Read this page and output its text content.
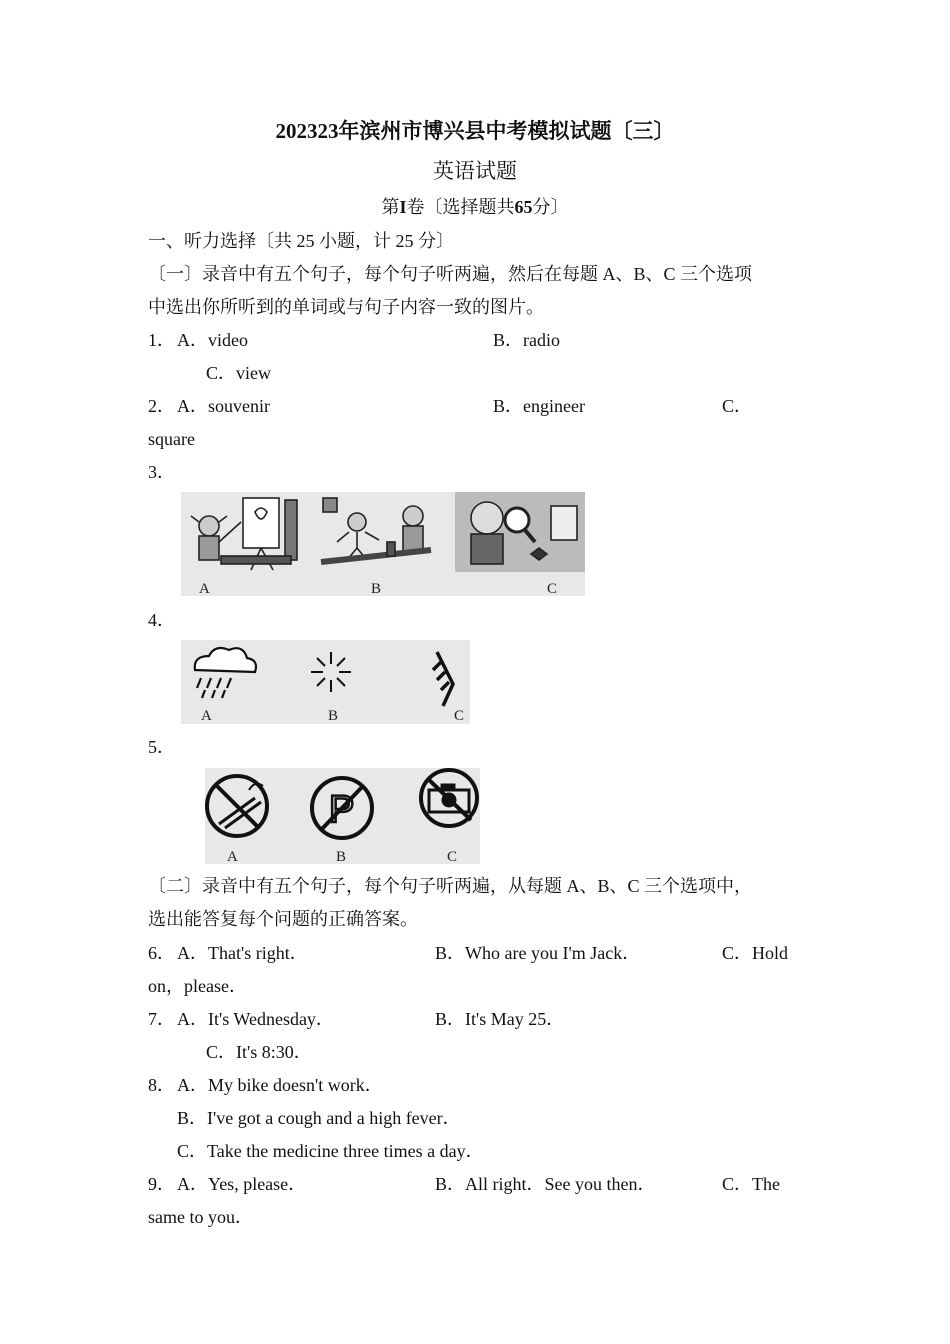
202323年滨州市博兴县中考模拟试题〔三〕
英语试题
第I卷〔选择题共65分〕
一、听力选择〔共 25 小题，计 25 分〕
〔一〕录音中有五个句子，每个句子听两遍，然后在每题 A、B、C 三个选项
中选出你所听到的单词或与句子内容一致的图片。
1． A．video	B．radio
C．view
2． A．souvenir	B．engineer	C．
square
3．
A	B	C
4．
A	B	C
5．
P
A	B	C
〔二〕录音中有五个句子，每个句子听两遍，从每题 A、B、C 三个选项中，
选出能答复每个问题的正确答案。
6． A．That's right．	B．Who are you I'm Jack．	C．Hold
on，please．
7． A．It's Wednesday．	B．It's May 25．
C．It's 8:30．
8． A．My bike doesn't work．
B．I've got a cough and a high fever．
C．Take the medicine three times a day．
9． A．Yes, please．	B．All right．See you then．	C．The
same to you．
